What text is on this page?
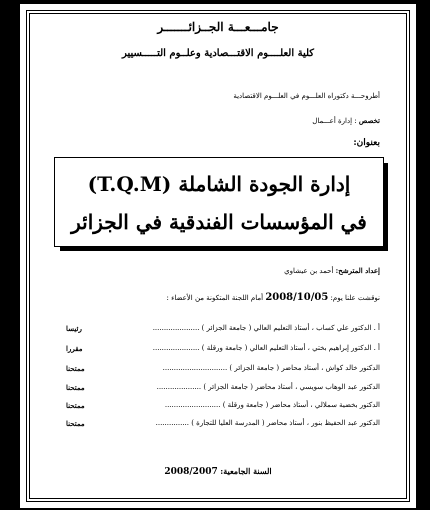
جامـــعـــة الجــزائـــــــر
كلية العلــــوم الاقتـــصادية وعلــوم التـــــسيير
أطروحـــة دكتوراه العلـــوم في العلـــوم الاقتصادية
تخصص : إدارة أعـــمال
بعنوان:
إدارة الجودة الشاملة (T.Q.M)
في المؤسسات الفندقية في الجزائر
إعداد المترشح: أحمد بن عيشاوي
نوقشت علنا يوم: 2008/10/05 أمام اللجنة المتكونة من الأعضاء :
أ . الدكتور علي كساب ، أستاذ التعليم العالي ( جامعة الجزائر ) .....................
رئيسا
أ . الدكتور إبراهيم بختي ، أستاذ التعليم العالي ( جامعة ورقلة ) .....................
مقررا
الدكتور خالد كواش ، أستاذ محاضر ( جامعة الجزائر ) .............................
ممتحنا
الدكتور عبد الوهاب سويسي ، أستاذ محاضر ( جامعة الجزائر ) ....................
ممتحنا
الدكتور بخضية سملالي ، أستاذ محاضر ( جامعة ورقلة ) .........................
ممتحنا
الدكتور عبد الحفيظ بنور ، أستاذ محاضر ( المدرسة العليا للتجارة ) ...............
ممتحنا
السنة الجامعية: 2008/2007
